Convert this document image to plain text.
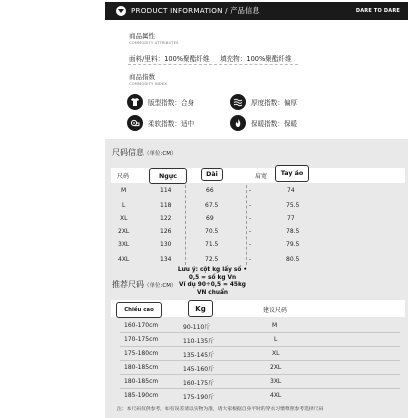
PRODUCT INFORMATION / 产品信息	DARE TO DARE
商品属性
COMMODITY ATTRIBUTES
面料/里料：100%聚酯纤维 填充物：100%聚酯纤维
商品指数
COMMODITY INDEX
版型指数：合身	厚度指数：偏厚
柔软指数：适中	保暖指数：保暖
尺码信息（单位:CM）
尺码	肩宽
Ngực	Dài	Tay áo
M	114	66	-	74
L	118	67.5	-	75.5
XL	122	69	-	77
2XL	126	70.5	-	78.5
3XL	130	71.5	-	79.5
4XL	134	72.5	-	80.5
推荐尺码（单位:CM）
Lưu ý: cột kg lấy số •
0,5 = số kg Vn
Ví dụ 90÷0,5 = 45kg
VN chuẩn
建议尺码
Chiều cao	Kg
160-170cm	90-110斤	M
170-175cm	110-135斤	L
175-180cm	135-145斤	XL
180-185cm	145-160斤	2XL
180-185cm	160-175斤	3XL
185-190cm	175-190斤	4XL
注：本尺码仅供参考，如有误差请以实物为准，请大家根据自身平时的穿衣习惯尊照参考选择尺码
